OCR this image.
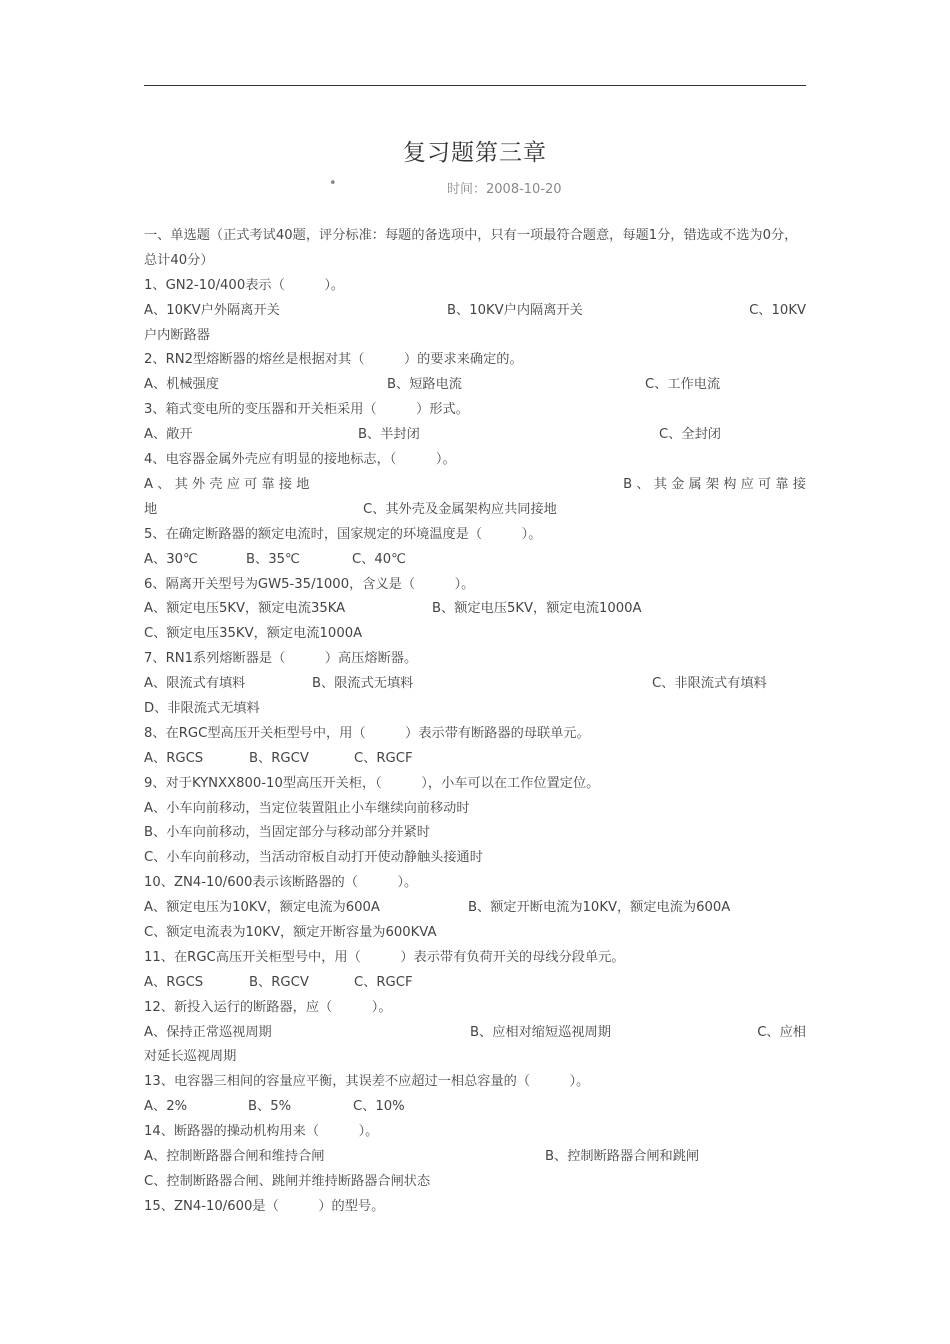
复习题第三章
•	时间：2008-10-20
一、单选题（正式考试40题，评分标准：每题的备选项中，只有一项最符合题意，每题1分，错选或不选为0分，总计40分）
1、GN2-10/400表示（　　　）。
A、10KV户外隔离开关	B、10KV户内隔离开关	C、10KV
户内断路器
2、RN2型熔断器的熔丝是根据对其（　　　）的要求来确定的。
A、机械强度	B、短路电流	C、工作电流
3、箱式变电所的变压器和开关柜采用（　　　）形式。
A、敞开	B、半封闭	C、全封闭
4、电容器金属外壳应有明显的接地标志，（　　　）。
A 、 其 外 壳 应 可 靠 接 地	B 、 其 金 属 架 构 应 可 靠 接
地	C、其外壳及金属架构应共同接地
5、在确定断路器的额定电流时，国家规定的环境温度是（　　　）。
A、30℃	B、35℃	C、40℃
6、隔离开关型号为GW5-35/1000，含义是（　　　）。
A、额定电压5KV，额定电流35KA	B、额定电压5KV，额定电流1000A
C、额定电压35KV，额定电流1000A
7、RN1系列熔断器是（　　　）高压熔断器。
A、限流式有填料	B、限流式无填料	C、非限流式有填料
D、非限流式无填料
8、在RGC型高压开关柜型号中，用（　　　）表示带有断路器的母联单元。
A、RGCS	B、RGCV	C、RGCF
9、对于KYNXX800-10型高压开关柜，（　　　），小车可以在工作位置定位。
A、小车向前移动，当定位装置阻止小车继续向前移动时
B、小车向前移动，当固定部分与移动部分并紧时
C、小车向前移动，当活动帘板自动打开使动静触头接通时
10、ZN4-10/600表示该断路器的（　　　）。
A、额定电压为10KV，额定电流为600A	B、额定开断电流为10KV，额定电流为600A
C、额定电流表为10KV，额定开断容量为600KVA
11、在RGC高压开关柜型号中，用（　　　）表示带有负荷开关的母线分段单元。
A、RGCS	B、RGCV	C、RGCF
12、新投入运行的断路器，应（　　　）。
A、保持正常巡视周期	B、应相对缩短巡视周期	C、应相
对延长巡视周期
13、电容器三相间的容量应平衡，其误差不应超过一相总容量的（　　　）。
A、2%	B、5%	C、10%
14、断路器的操动机构用来（　　　）。
A、控制断路器合闸和维持合闸	B、控制断路器合闸和跳闸
C、控制断路器合闸、跳闸并维持断路器合闸状态
15、ZN4-10/600是（　　　）的型号。
